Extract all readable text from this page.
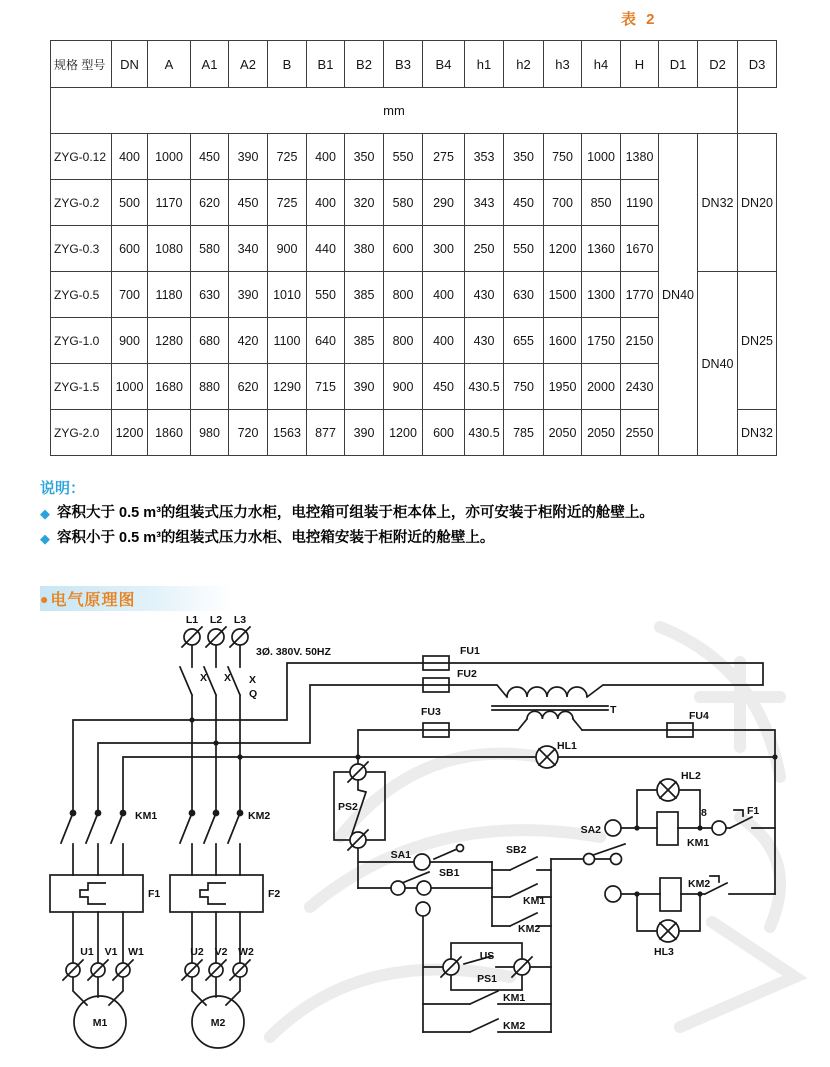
表 2
规格 型号	DN	A	A1	A2	B	B1	B2	B3	B4	h1	h2	h3	h4	H	D1	D2	D3
mm																	
ZYG-0.12	400	1000	450	390	725	400	350	550	275	353	350	750	1000	1380	DN40	DN32	DN20
ZYG-0.2	500	1170	620	450	725	400	320	580	290	343	450	700	850	1190			
ZYG-0.3	600	1080	580	340	900	440	380	600	300	250	550	1200	1360	1670			
ZYG-0.5	700	1180	630	390	1010	550	385	800	400	430	630	1500	1300	1770		DN40	DN25
ZYG-1.0	900	1280	680	420	1100	640	385	800	400	430	655	1600	1750	2150			
ZYG-1.5	1000	1680	880	620	1290	715	390	900	450	430.5	750	1950	2000	2430			
ZYG-2.0	1200	1860	980	720	1563	877	390	1200	600	430.5	785	2050	2050	2550			DN32
说明：
◆ 容积大于 0.5 m³的组装式压力水柜，电控箱可组装于柜本体上，亦可安装于柜附近的舱壁上。
◆ 容积小于 0.5 m³的组装式压力水柜、电控箱安装于柜附近的舱壁上。
● 电气原理图
L1 L2 L3
3Ø. 380V. 50HZ
X X X
Q
FU1
FU2
FU3	FU4
T
HL1
KM1	KM2
F1	F2
U1 V1 W1	U2 V2 W2
M1	M2
PS2
SA1
SB1
SB2
KM1
KM2
SA2
HL2
8
KM1
F1
KM2
HL3
US
PS1
KM1
KM2
